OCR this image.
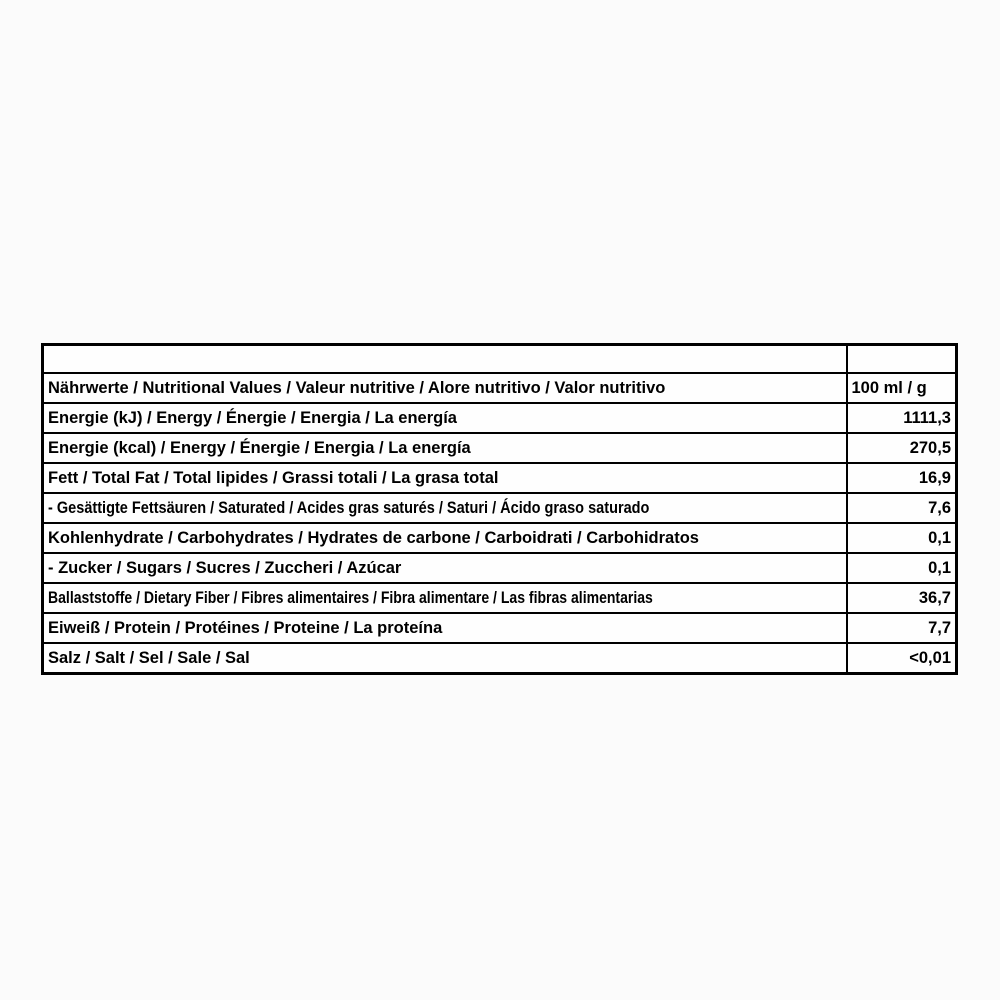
Nährwerte / Nutritional Values / Valeur nutritive / Alore nutritivo / Valor nutritivo	100 ml / g
Energie (kJ) / Energy / Énergie / Energia / La energía	1111,3
Energie (kcal) / Energy / Énergie / Energia / La energía	270,5
Fett / Total Fat / Total lipides / Grassi totali / La grasa total	16,9
- Gesättigte Fettsäuren / Saturated / Acides gras saturés / Saturi / Ácido graso saturado	7,6
Kohlenhydrate / Carbohydrates / Hydrates de carbone / Carboidrati / Carbohidratos	0,1
- Zucker / Sugars / Sucres / Zuccheri / Azúcar	0,1
Ballaststoffe / Dietary Fiber / Fibres alimentaires / Fibra alimentare / Las fibras alimentarias	36,7
Eiweiß / Protein / Protéines / Proteine / La proteína	7,7
Salz / Salt / Sel / Sale / Sal	<0,01
